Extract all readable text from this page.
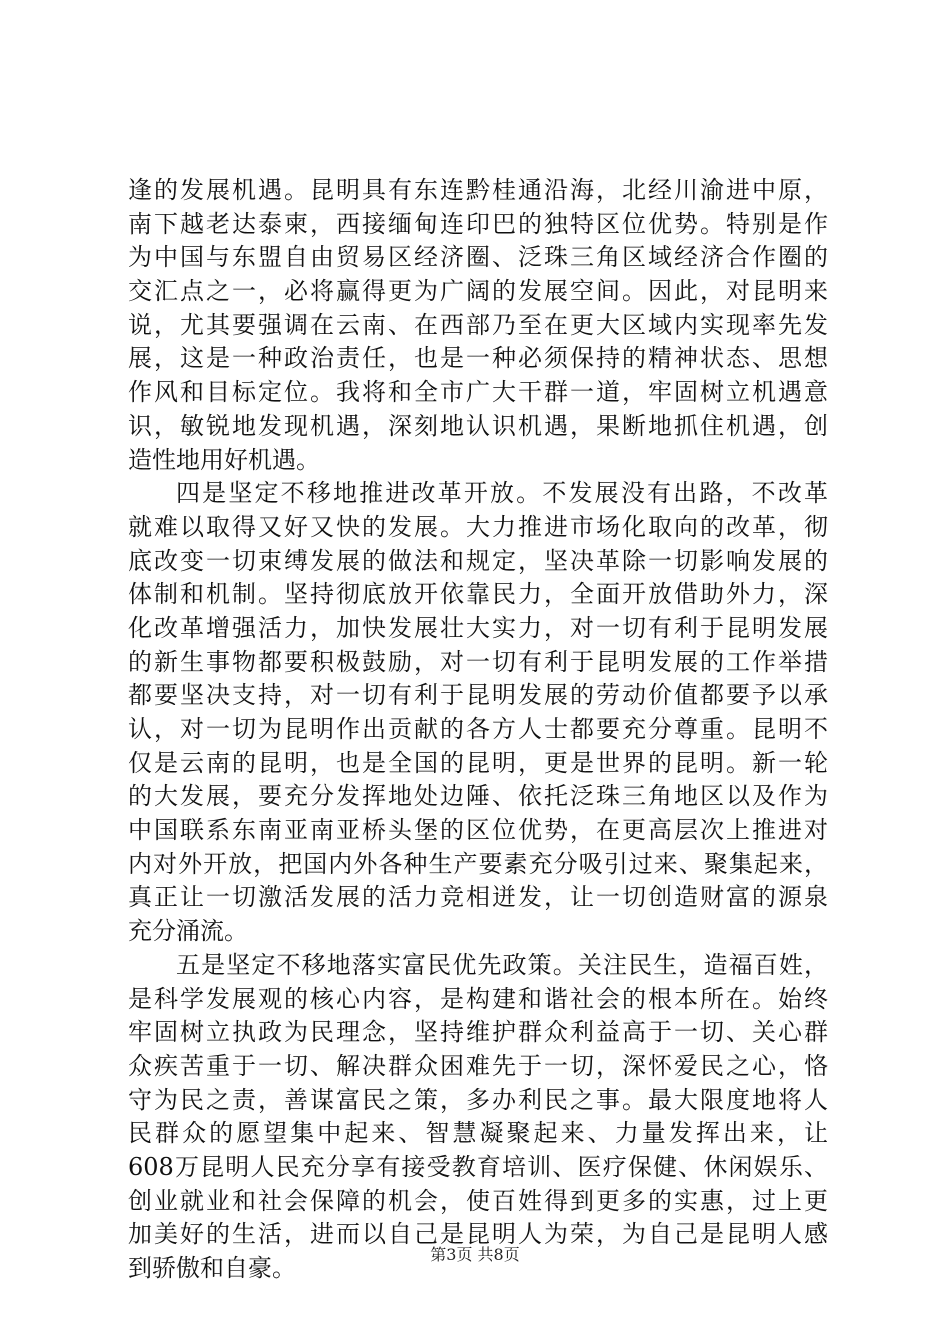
逢的发展机遇。昆明具有东连黔桂通沿海，北经川渝进中原，
南下越老达泰柬，西接缅甸连印巴的独特区位优势。特别是作
为中国与东盟自由贸易区经济圈、泛珠三角区域经济合作圈的
交汇点之一，必将赢得更为广阔的发展空间。因此，对昆明来
说，尤其要强调在云南、在西部乃至在更大区域内实现率先发
展，这是一种政治责任，也是一种必须保持的精神状态、思想
作风和目标定位。我将和全市广大干群一道，牢固树立机遇意
识，敏锐地发现机遇，深刻地认识机遇，果断地抓住机遇，创
造性地用好机遇。
四是坚定不移地推进改革开放。不发展没有出路，不改革
就难以取得又好又快的发展。大力推进市场化取向的改革，彻
底改变一切束缚发展的做法和规定，坚决革除一切影响发展的
体制和机制。坚持彻底放开依靠民力，全面开放借助外力，深
化改革增强活力，加快发展壮大实力，对一切有利于昆明发展
的新生事物都要积极鼓励，对一切有利于昆明发展的工作举措
都要坚决支持，对一切有利于昆明发展的劳动价值都要予以承
认，对一切为昆明作出贡献的各方人士都要充分尊重。昆明不
仅是云南的昆明，也是全国的昆明，更是世界的昆明。新一轮
的大发展，要充分发挥地处边陲、依托泛珠三角地区以及作为
中国联系东南亚南亚桥头堡的区位优势，在更高层次上推进对
内对外开放，把国内外各种生产要素充分吸引过来、聚集起来，
真正让一切激活发展的活力竞相迸发，让一切创造财富的源泉
充分涌流。
五是坚定不移地落实富民优先政策。关注民生，造福百姓，
是科学发展观的核心内容，是构建和谐社会的根本所在。始终
牢固树立执政为民理念，坚持维护群众利益高于一切、关心群
众疾苦重于一切、解决群众困难先于一切，深怀爱民之心，恪
守为民之责，善谋富民之策，多办利民之事。最大限度地将人
民群众的愿望集中起来、智慧凝聚起来、力量发挥出来，让
608万昆明人民充分享有接受教育培训、医疗保健、休闲娱乐、
创业就业和社会保障的机会，使百姓得到更多的实惠，过上更
加美好的生活，进而以自己是昆明人为荣，为自己是昆明人感
到骄傲和自豪。	第3页 共8页
